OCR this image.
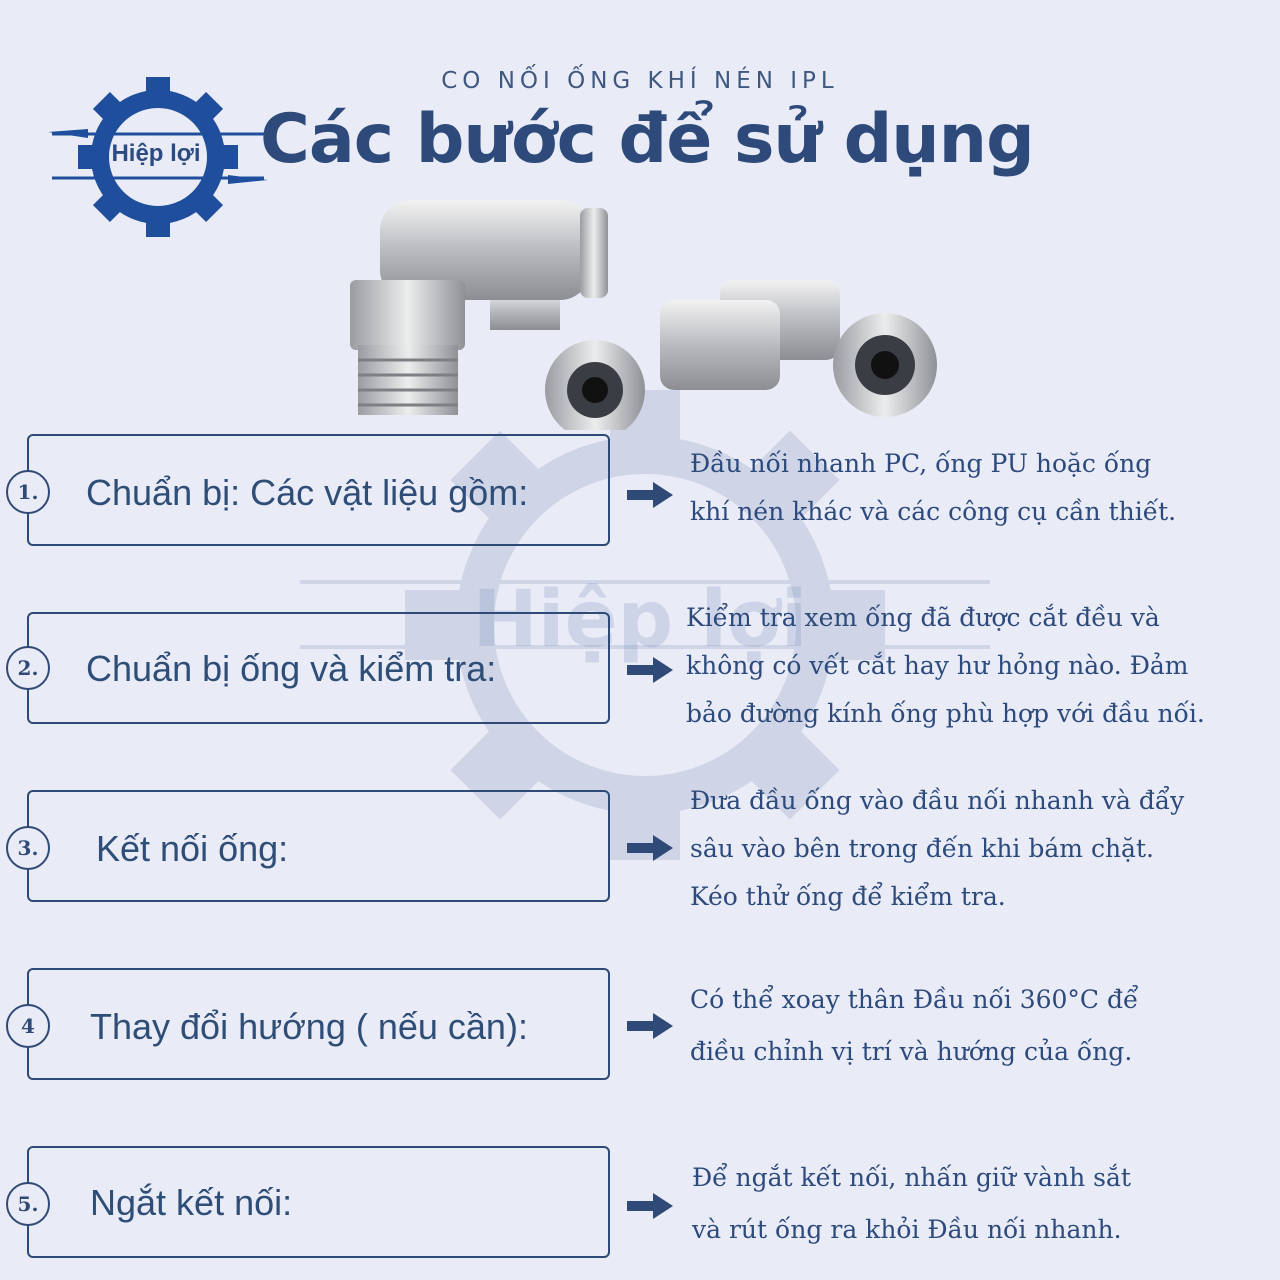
Hiệp lợi
Hiệp lợi
CO NỐI ỐNG KHÍ NÉN IPL
Các bước để sử dụng
1.	Chuẩn bị: Các vật liệu gồm:
Đầu nối nhanh PC, ống PU hoặc ống
khí nén khác và các công cụ cần thiết.
2.	Chuẩn bị ống và kiểm tra:
Kiểm tra xem ống đã được cắt đều và
không có vết cắt hay hư hỏng nào. Đảm
bảo đường kính ống phù hợp với đầu nối.
3.	Kết nối ống:
Đưa đầu ống vào đầu nối nhanh và đẩy
sâu vào bên trong đến khi bám chặt.
Kéo thử ống để kiểm tra.
4	Thay đổi hướng ( nếu cần):
Có thể xoay thân Đầu nối 360°C để
điều chỉnh vị trí và hướng của ống.
5.	Ngắt kết nối:
Để ngắt kết nối, nhấn giữ vành sắt
và rút ống ra khỏi Đầu nối nhanh.
